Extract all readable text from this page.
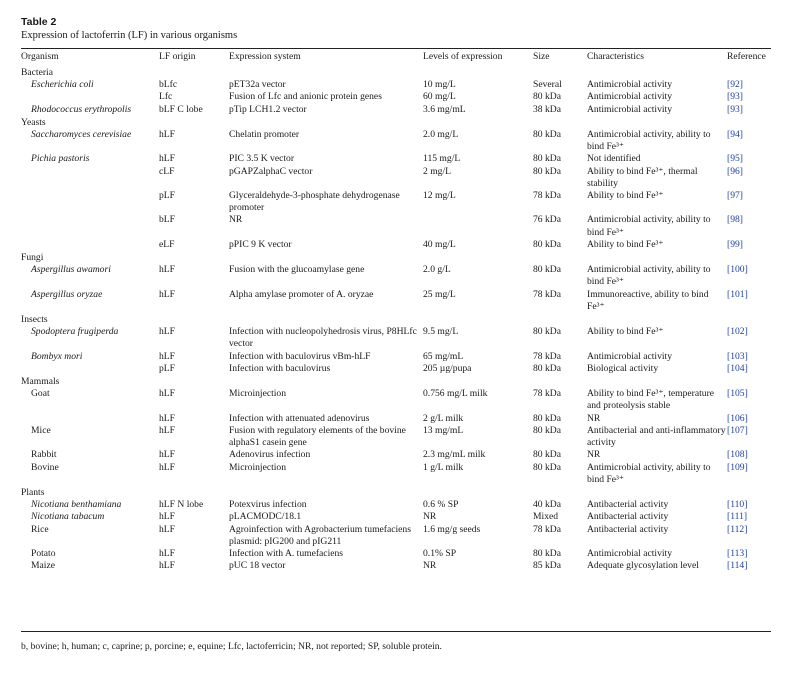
Table 2
Expression of lactoferrin (LF) in various organisms
Organism	LF origin	Expression system	Levels of expression	Size	Characteristics	Reference
Bacteria						
Escherichia coli	bLfc	pET32a vector	10 mg/L	Several	Antimicrobial activity	[92]
	Lfc	Fusion of Lfc and anionic protein genes	60 mg/L	80 kDa	Antimicrobial activity	[93]
Rhodococcus erythropolis	bLF C lobe	pTip LCH1.2 vector	3.6 mg/mL	38 kDa	Antimicrobial activity	[93]
Yeasts						
Saccharomyces cerevisiae	hLF	Chelatin promoter	2.0 mg/L	80 kDa	Antimicrobial activity, ability to bind Fe³⁺	[94]
Pichia pastoris	hLF	PIC 3.5 K vector	115 mg/L	80 kDa	Not identified	[95]
	cLF	pGAPZalphaC vector	2 mg/L	80 kDa	Ability to bind Fe³⁺, thermal stability	[96]
	pLF	Glyceraldehyde-3-phosphate dehydrogenase promoter	12 mg/L	78 kDa	Ability to bind Fe³⁺	[97]
	bLF	NR		76 kDa	Antimicrobial activity, ability to bind Fe³⁺	[98]
	eLF	pPIC 9 K vector	40 mg/L	80 kDa	Ability to bind Fe³⁺	[99]
Fungi						
Aspergillus awamori	hLF	Fusion with the glucoamylase gene	2.0 g/L	80 kDa	Antimicrobial activity, ability to bind Fe³⁺	[100]
Aspergillus oryzae	hLF	Alpha amylase promoter of A. oryzae	25 mg/L	78 kDa	Immunoreactive, ability to bind Fe³⁺	[101]
Insects						
Spodoptera frugiperda	hLF	Infection with nucleopolyhedrosis virus, P8HLfc vector	9.5 mg/L	80 kDa	Ability to bind Fe³⁺	[102]
Bombyx mori	hLF	Infection with baculovirus vBm-hLF	65 mg/mL	78 kDa	Antimicrobial activity	[103]
	pLF	Infection with baculovirus	205 µg/pupa	80 kDa	Biological activity	[104]
Mammals						
Goat	hLF	Microinjection	0.756 mg/L milk	78 kDa	Ability to bind Fe³⁺, temperature and proteolysis stable	[105]
	hLF	Infection with attenuated adenovirus	2 g/L milk	80 kDa	NR	[106]
Mice	hLF	Fusion with regulatory elements of the bovine alphaS1 casein gene	13 mg/mL	80 kDa	Antibacterial and anti-inflammatory activity	[107]
Rabbit	hLF	Adenovirus infection	2.3 mg/mL milk	80 kDa	NR	[108]
Bovine	hLF	Microinjection	1 g/L milk	80 kDa	Antimicrobial activity, ability to bind Fe³⁺	[109]
Plants						
Nicotiana benthamiana	hLF N lobe	Potexvirus infection	0.6 % SP	40 kDa	Antibacterial activity	[110]
Nicotiana tabacum	hLF	pLACMODC/18.1	NR	Mixed	Antibacterial activity	[111]
Rice	hLF	Agroinfection with Agrobacterium tumefaciens plasmid: pIG200 and pIG211	1.6 mg/g seeds	78 kDa	Antibacterial activity	[112]
Potato	hLF	Infection with A. tumefaciens	0.1% SP	80 kDa	Antimicrobial activity	[113]
Maize	hLF	pUC 18 vector	NR	85 kDa	Adequate glycosylation level	[114]
b, bovine; h, human; c, caprine; p, porcine; e, equine; Lfc, lactoferricin; NR, not reported; SP, soluble protein.
